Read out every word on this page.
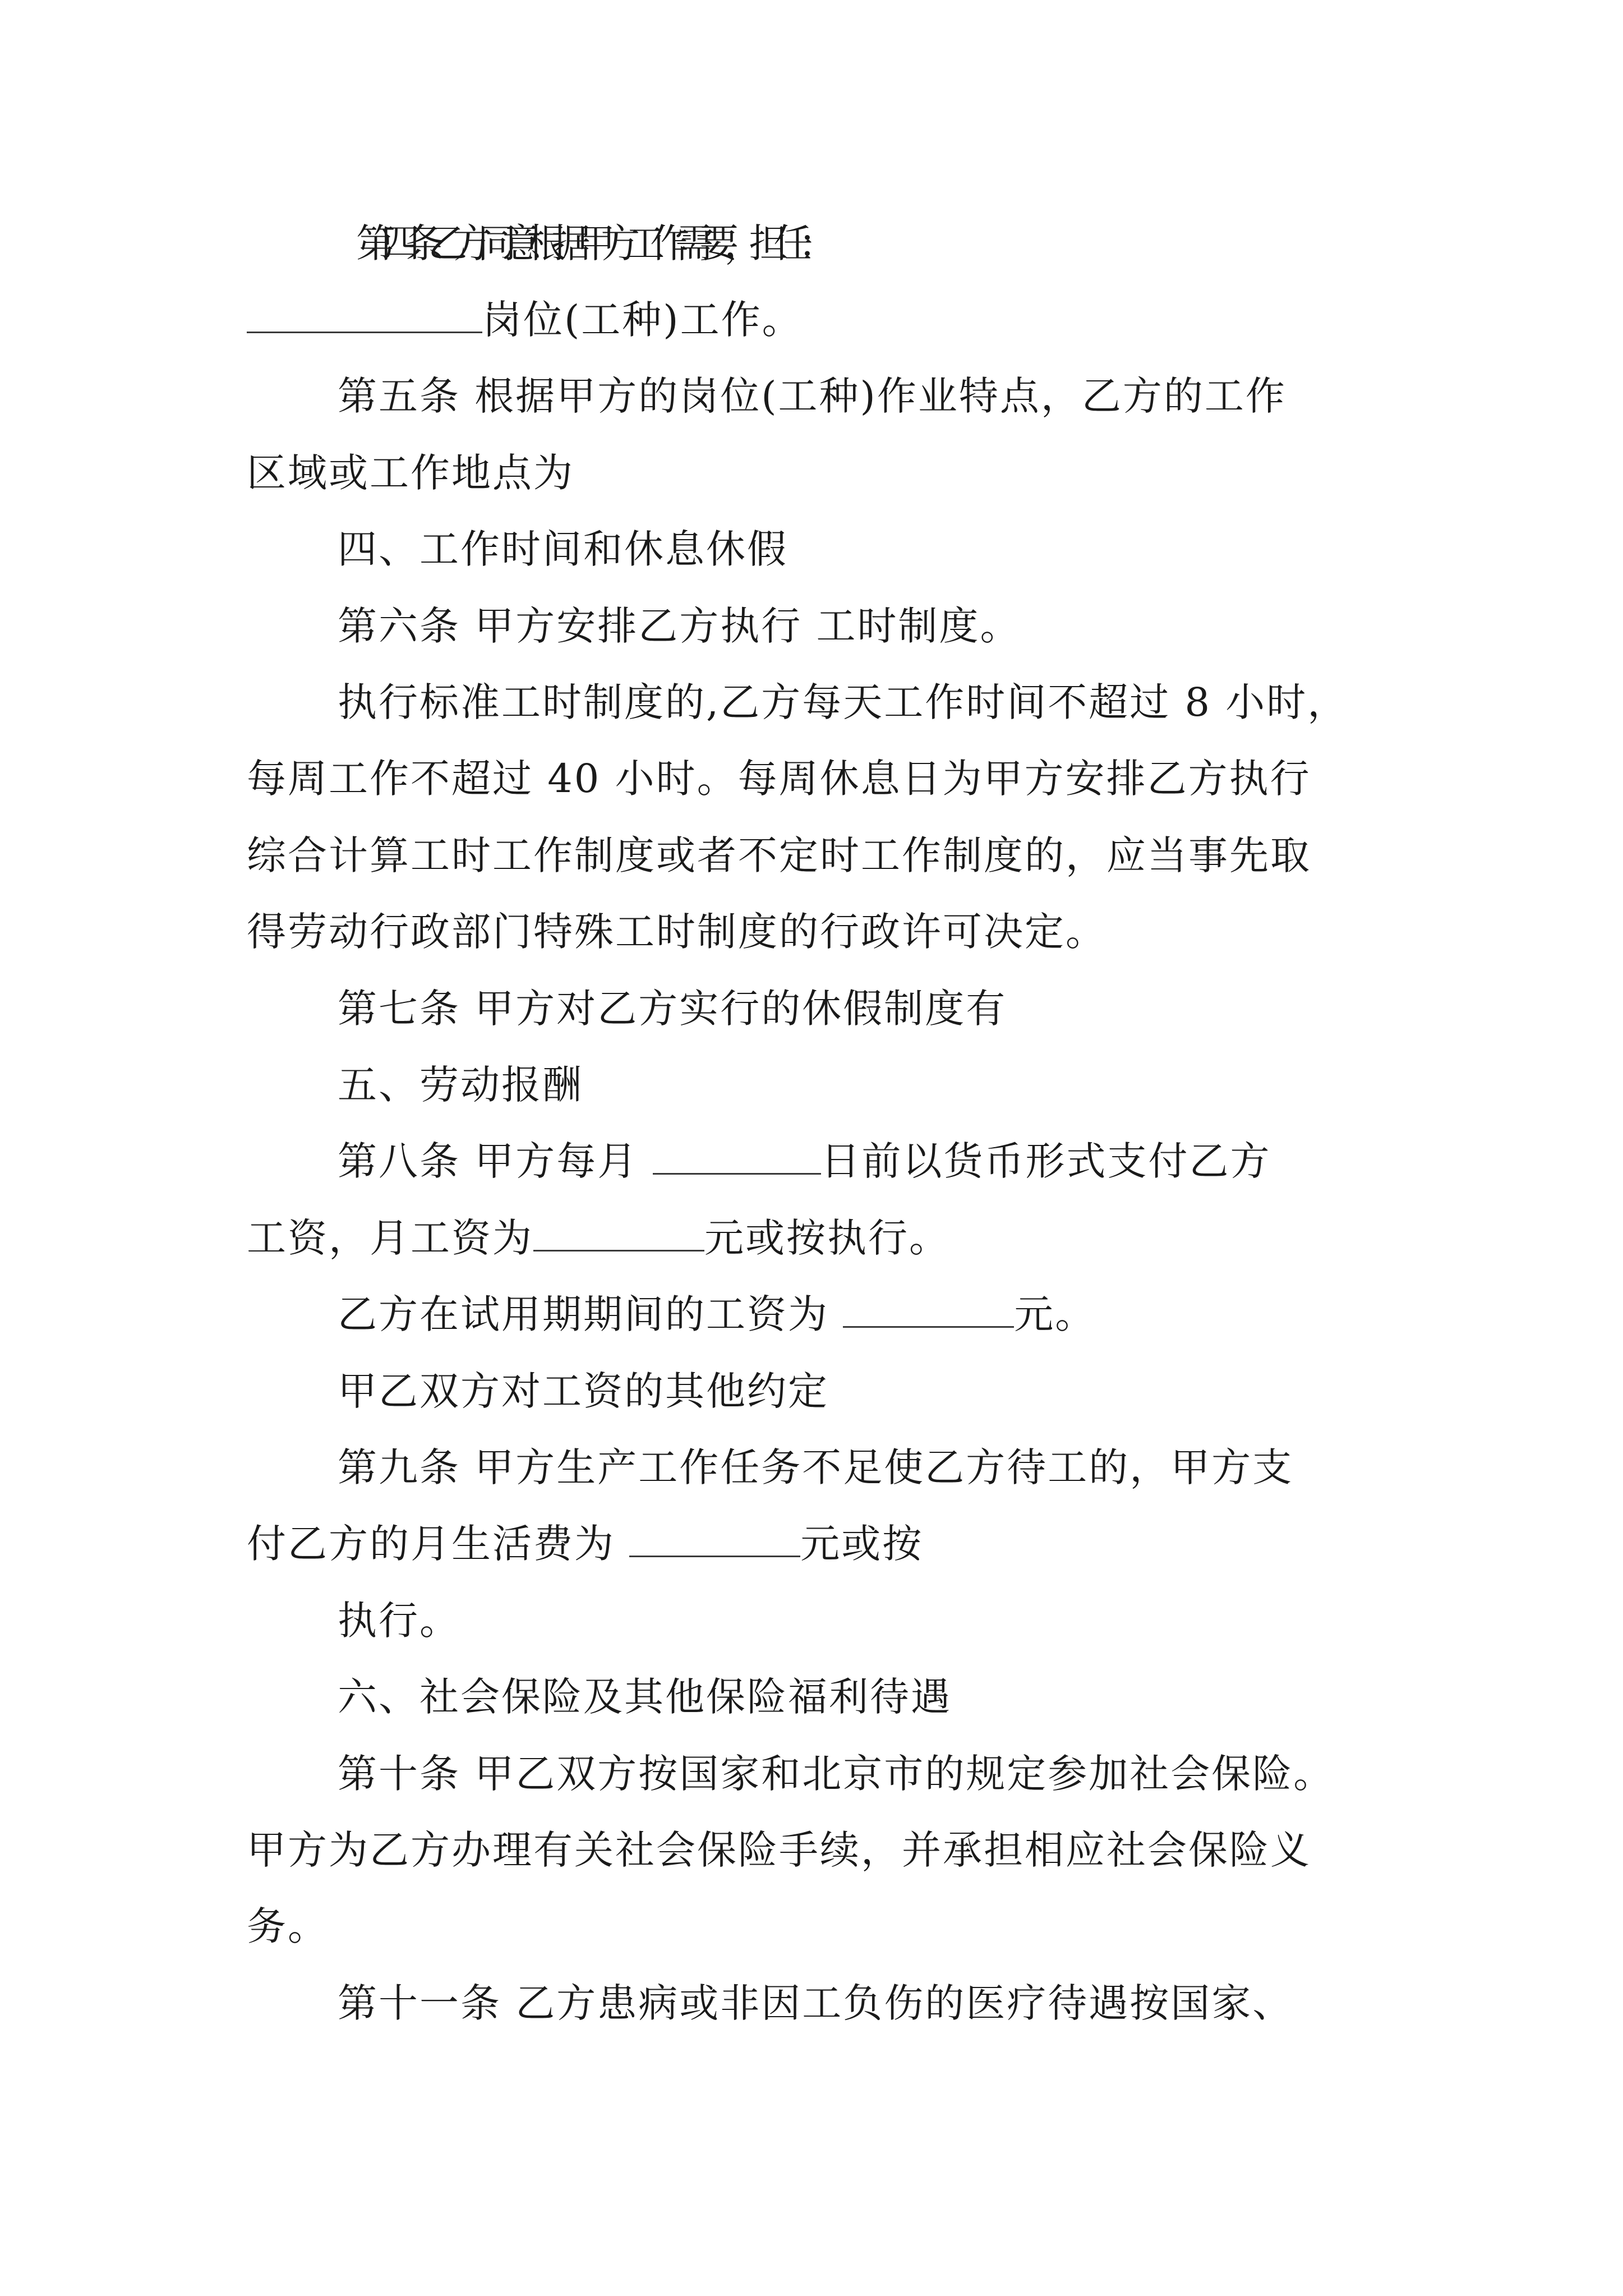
第四条 乙方同意根据甲方工作需要，担任：

岗位(工种)工作。

第五条 根据甲方的岗位(工种)作业特点，乙方的工作

区域或工作地点为

四、工作时间和休息休假

第六条 甲方安排乙方执行 工时制度。

执行标准工时制度的,乙方每天工作时间不超过 8 小时，

每周工作不超过 40 小时。每周休息日为甲方安排乙方执行

综合计算工时工作制度或者不定时工作制度的，应当事先取

得劳动行政部门特殊工时制度的行政许可决定。

第七条 甲方对乙方实行的休假制度有

五、劳动报酬

第八条 甲方每月	日前以货币形式支付乙方

工资，月工资为	元或按执行。

乙方在试用期期间的工资为	元。

甲乙双方对工资的其他约定

第九条 甲方生产工作任务不足使乙方待工的，甲方支

付乙方的月生活费为	元或按

执行。

六、社会保险及其他保险福利待遇

第十条 甲乙双方按国家和北京市的规定参加社会保险。

甲方为乙方办理有关社会保险手续，并承担相应社会保险义

务。

第十一条 乙方患病或非因工负伤的医疗待遇按国家、
